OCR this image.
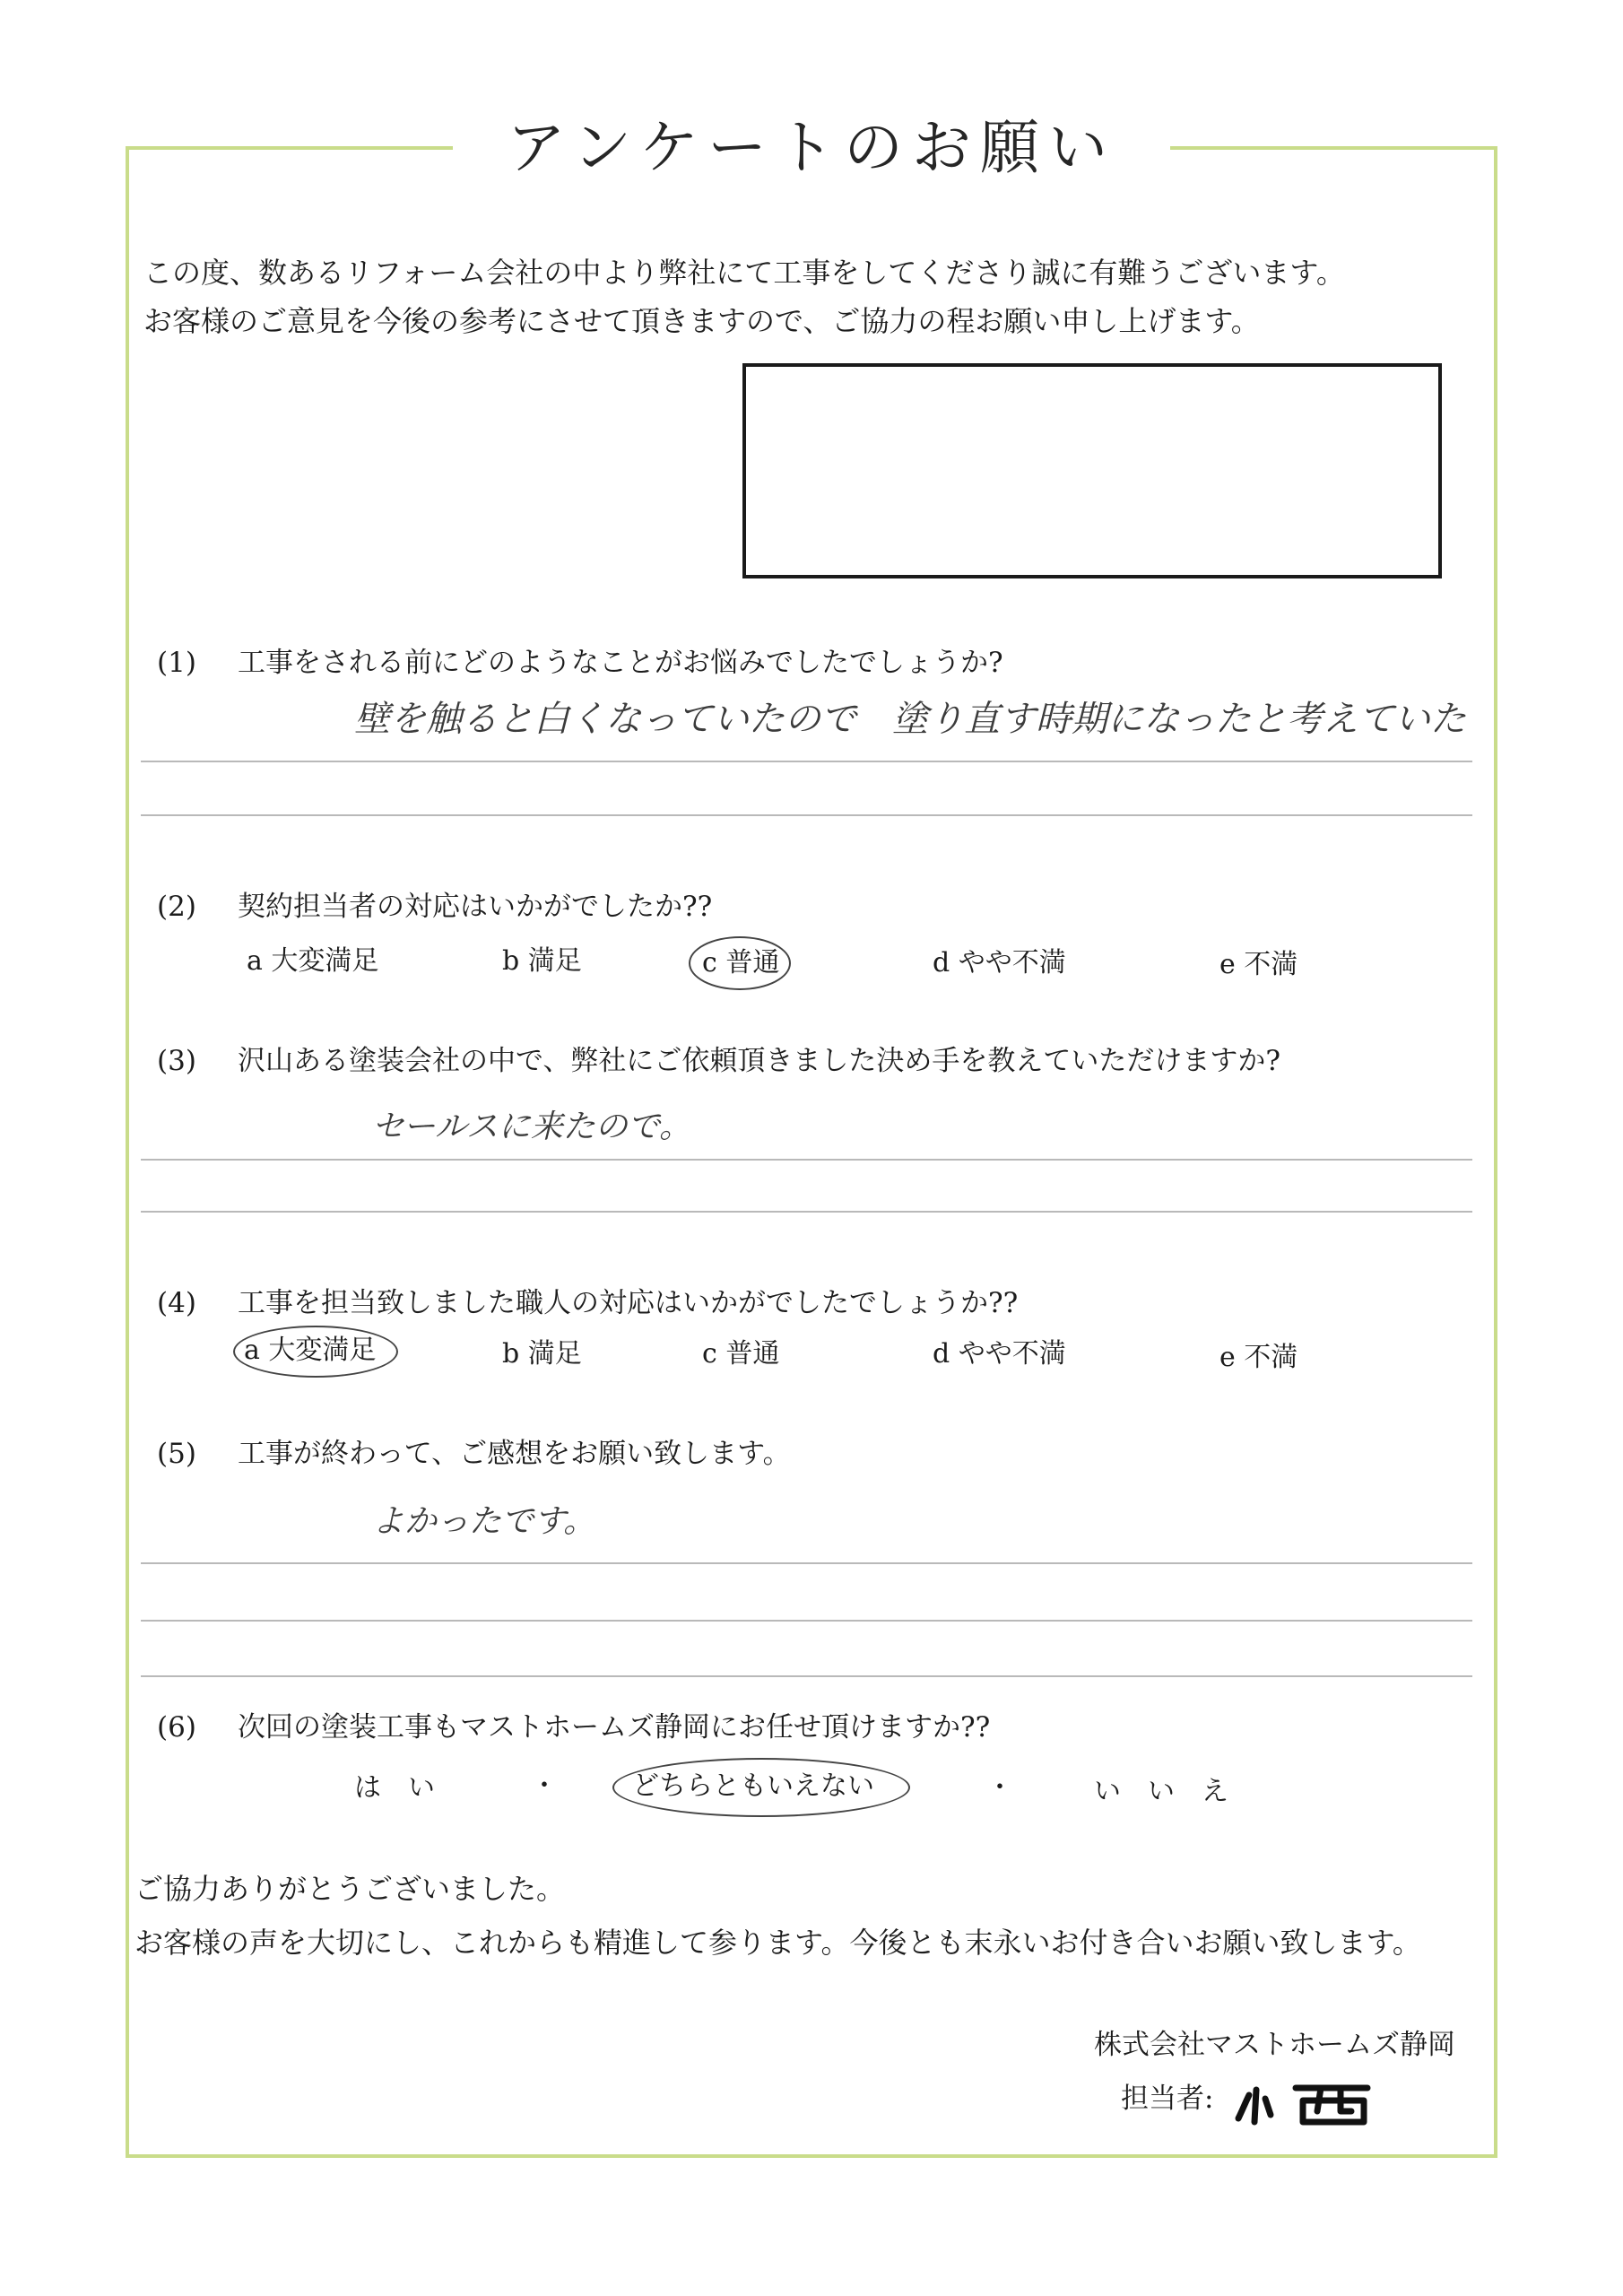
アンケートのお願い
この度、数あるリフォーム会社の中より弊社にて工事をしてくださり誠に有難うございます。
お客様のご意見を今後の参考にさせて頂きますので、ご協力の程お願い申し上げます。
(1) 工事をされる前にどのようなことがお悩みでしたでしょうか?
壁を触ると白くなっていたので　塗り直す時期になったと考えていた
(2) 契約担当者の対応はいかがでしたか??
a 大変満足	b 満足	c 普通	d やや不満	e 不満
(3) 沢山ある塗装会社の中で、弊社にご依頼頂きました決め手を教えていただけますか?
セールスに来たので。
(4) 工事を担当致しました職人の対応はいかがでしたでしょうか??
a 大変満足	b 満足	c 普通	d やや不満	e 不満
(5) 工事が終わって、ご感想をお願い致します。
よかったです。
(6) 次回の塗装工事もマストホームズ静岡にお任せ頂けますか??
は　い	・	どちらともいえない	・	い　い　え
ご協力ありがとうございました。
お客様の声を大切にし、これからも精進して参ります。今後とも末永いお付き合いお願い致します。
株式会社マストホームズ静岡
担当者:
